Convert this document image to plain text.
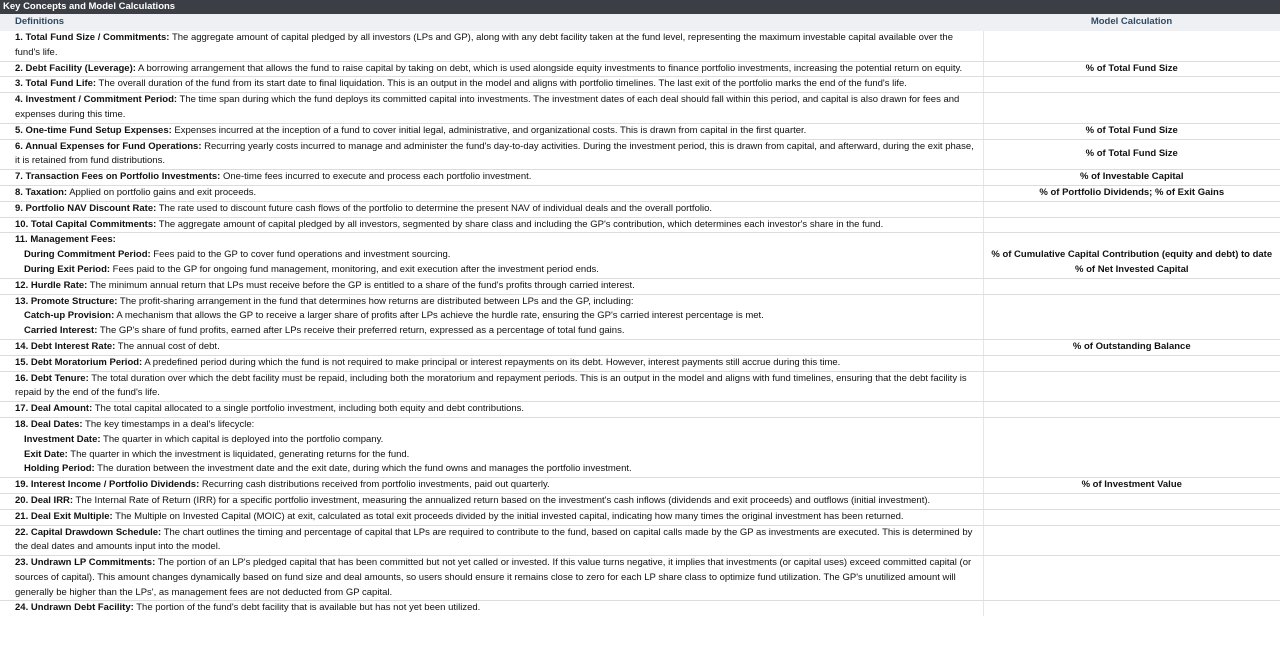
Key Concepts and Model Calculations
Definitions	Model Calculation
1. Total Fund Size / Commitments: The aggregate amount of capital pledged by all investors (LPs and GP), along with any debt facility taken at the fund level, representing the maximum investable capital available over the fund's life.	
2. Debt Facility (Leverage): A borrowing arrangement that allows the fund to raise capital by taking on debt, which is used alongside equity investments to finance portfolio investments, increasing the potential return on equity.	% of Total Fund Size
3. Total Fund Life: The overall duration of the fund from its start date to final liquidation. This is an output in the model and aligns with portfolio timelines. The last exit of the portfolio marks the end of the fund's life.	
4. Investment / Commitment Period: The time span during which the fund deploys its committed capital into investments. The investment dates of each deal should fall within this period, and capital is also drawn for fees and expenses during this time.	
5. One-time Fund Setup Expenses: Expenses incurred at the inception of a fund to cover initial legal, administrative, and organizational costs. This is drawn from capital in the first quarter.	% of Total Fund Size
6. Annual Expenses for Fund Operations: Recurring yearly costs incurred to manage and administer the fund's day-to-day activities. During the investment period, this is drawn from capital, and afterward, during the exit phase, it is retained from fund distributions.	% of Total Fund Size
7. Transaction Fees on Portfolio Investments: One-time fees incurred to execute and process each portfolio investment.	% of Investable Capital
8. Taxation: Applied on portfolio gains and exit proceeds.	% of Portfolio Dividends; % of Exit Gains
9. Portfolio NAV Discount Rate: The rate used to discount future cash flows of the portfolio to determine the present NAV of individual deals and the overall portfolio.	
10. Total Capital Commitments: The aggregate amount of capital pledged by all investors, segmented by share class and including the GP's contribution, which determines each investor's share in the fund.	
11. Management Fees:	
During Commitment Period: Fees paid to the GP to cover fund operations and investment sourcing.	% of Cumulative Capital Contribution (equity and debt) to date
During Exit Period: Fees paid to the GP for ongoing fund management, monitoring, and exit execution after the investment period ends.	% of Net Invested Capital
12. Hurdle Rate: The minimum annual return that LPs must receive before the GP is entitled to a share of the fund's profits through carried interest.	
13. Promote Structure: The profit-sharing arrangement in the fund that determines how returns are distributed between LPs and the GP, including:	
Catch-up Provision: A mechanism that allows the GP to receive a larger share of profits after LPs achieve the hurdle rate, ensuring the GP's carried interest percentage is met.	
Carried Interest: The GP's share of fund profits, earned after LPs receive their preferred return, expressed as a percentage of total fund gains.	
14. Debt Interest Rate: The annual cost of debt.	% of Outstanding Balance
15. Debt Moratorium Period: A predefined period during which the fund is not required to make principal or interest repayments on its debt. However, interest payments still accrue during this time.	
16. Debt Tenure: The total duration over which the debt facility must be repaid, including both the moratorium and repayment periods. This is an output in the model and aligns with fund timelines, ensuring that the debt facility is repaid by the end of the fund's life.	
17. Deal Amount: The total capital allocated to a single portfolio investment, including both equity and debt contributions.	
18. Deal Dates: The key timestamps in a deal's lifecycle:	
Investment Date: The quarter in which capital is deployed into the portfolio company.	
Exit Date: The quarter in which the investment is liquidated, generating returns for the fund.	
Holding Period: The duration between the investment date and the exit date, during which the fund owns and manages the portfolio investment.	
19. Interest Income / Portfolio Dividends: Recurring cash distributions received from portfolio investments, paid out quarterly.	% of Investment Value
20. Deal IRR: The Internal Rate of Return (IRR) for a specific portfolio investment, measuring the annualized return based on the investment's cash inflows (dividends and exit proceeds) and outflows (initial investment).	
21. Deal Exit Multiple: The Multiple on Invested Capital (MOIC) at exit, calculated as total exit proceeds divided by the initial invested capital, indicating how many times the original investment has been returned.	
22. Capital Drawdown Schedule: The chart outlines the timing and percentage of capital that LPs are required to contribute to the fund, based on capital calls made by the GP as investments are executed. This is determined by the deal dates and amounts input into the model.	
23. Undrawn LP Commitments: The portion of an LP's pledged capital that has been committed but not yet called or invested. If this value turns negative, it implies that investments (or capital uses) exceed committed capital (or sources of capital). This amount changes dynamically based on fund size and deal amounts, so users should ensure it remains close to zero for each LP share class to optimize fund utilization. The GP's unutilized amount will generally be higher than the LPs', as management fees are not deducted from GP capital.	
24. Undrawn Debt Facility: The portion of the fund's debt facility that is available but has not yet been utilized.	
